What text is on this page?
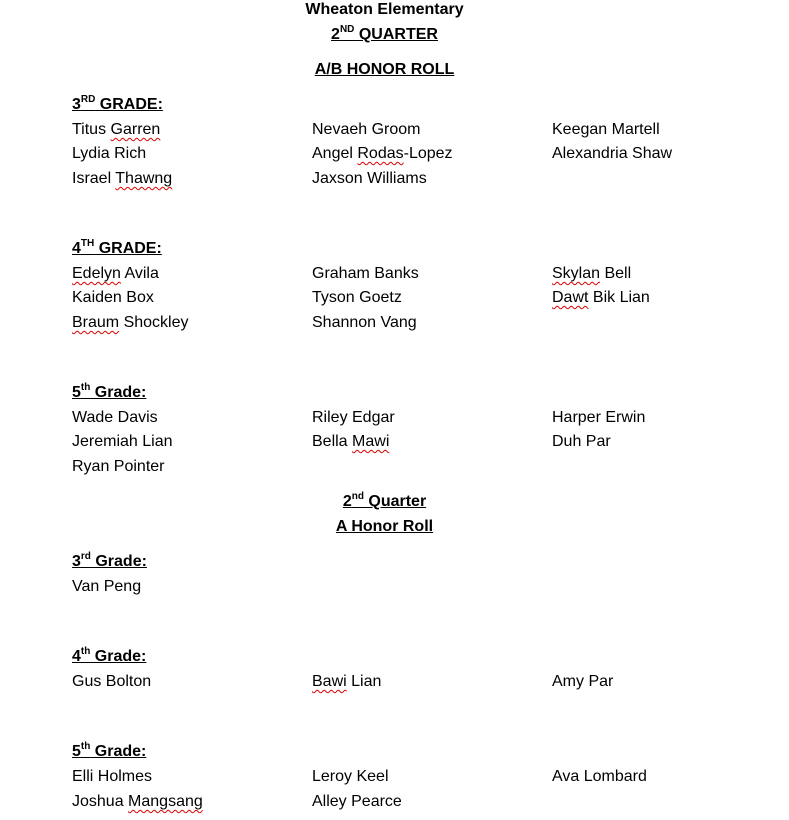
Wheaton Elementary
2ND QUARTER
A/B HONOR ROLL
3RD GRADE:
Titus Garren	Nevaeh Groom	Keegan Martell
Lydia Rich	Angel Rodas-Lopez	Alexandria Shaw
Israel Thawng	Jaxson Williams
4TH GRADE:
Edelyn Avila	Graham Banks	Skylan Bell
Kaiden Box	Tyson Goetz	Dawt Bik Lian
Braum Shockley	Shannon Vang
5th Grade:
Wade Davis	Riley Edgar	Harper Erwin
Jeremiah Lian	Bella Mawi	Duh Par
Ryan Pointer
2nd Quarter
A Honor Roll
3rd Grade:
Van Peng
4th Grade:
Gus Bolton	Bawi Lian	Amy Par
5th Grade:
Elli Holmes	Leroy Keel	Ava Lombard
Joshua Mangsang	Alley Pearce
